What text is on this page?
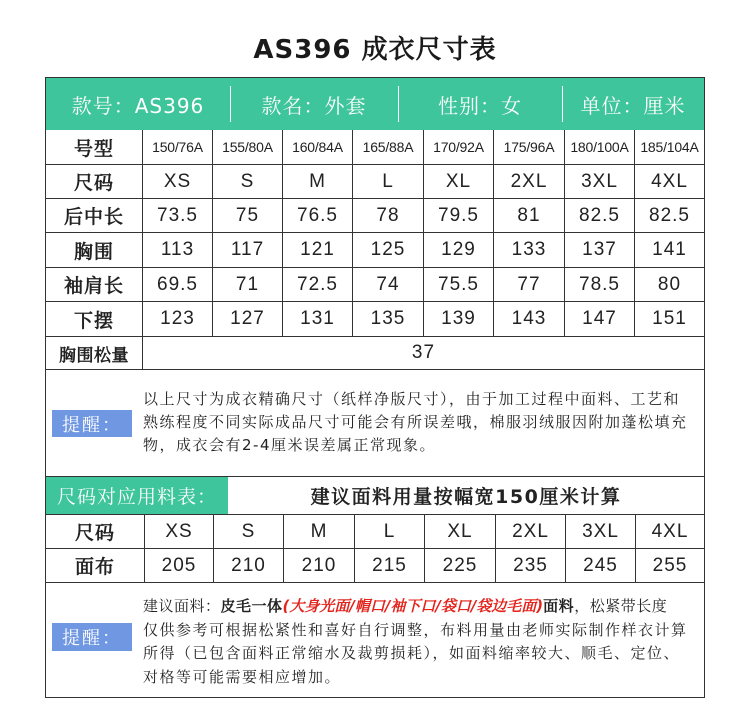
AS396 成衣尺寸表
款号：AS396	款名：外套	性别：女	单位：厘米
号型	150/76A	155/80A	160/84A	165/88A	170/92A	175/96A	180/100A 185/104A
尺码	XS	S	M	L	XL	2XL	3XL	4XL
后中长	73.5	75	76.5	78	79.5	81	82.5	82.5
胸围	113	117	121	125	129	133	137	141
袖肩长	69.5	71	72.5	74	75.5	77	78.5	80
下摆	123	127	131	135	139	143	147	151
胸围松量	37
提醒：
以上尺寸为成衣精确尺寸（纸样净版尺寸），由于加工过程中面料、工艺和
熟练程度不同实际成品尺寸可能会有所误差哦，棉服羽绒服因附加蓬松填充
物，成衣会有2-4厘米误差属正常现象。
尺码对应用料表：	建议面料用量按幅宽150厘米计算
尺码	XS	S	M	L	XL	2XL	3XL	4XL
面布	205	210	210	215	225	235	245	255
提醒：
建议面料：皮毛一体(大身光面/帽口/袖下口/袋口/袋边毛面)面料，松紧带长度
仅供参考可根据松紧性和喜好自行调整，布料用量由老师实际制作样衣计算
所得（已包含面料正常缩水及裁剪损耗），如面料缩率较大、顺毛、定位、
对格等可能需要相应增加。
